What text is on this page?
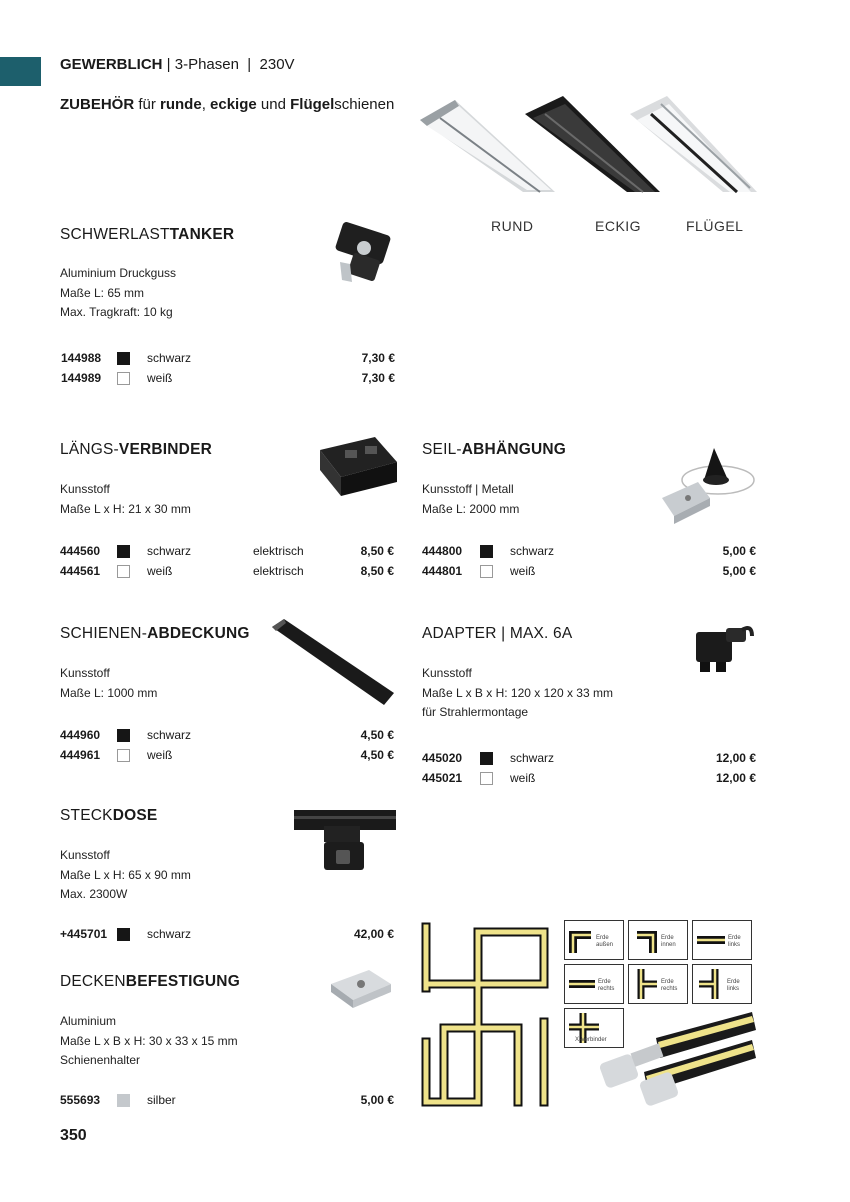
GEWERBLICH | 3-Phasen  |  230V
ZUBEHÖR für runde, eckige und Flügelschienen
RUND	ECKIG	FLÜGEL
SCHWERLASTTANKER
Aluminium Druckguss
Maße L: 65 mm
Max. Tragkraft: 10 kg
144988	schwarz	7,30 €
144989	weiß	7,30 €
LÄNGS-VERBINDER
Kunsstoff
Maße L x H: 21 x 30 mm
444560	schwarz	elektrisch	8,50 €
444561	weiß	elektrisch	8,50 €
SEIL-ABHÄNGUNG
Kunsstoff | Metall
Maße L: 2000 mm
444800	schwarz	5,00 €
444801	weiß	5,00 €
SCHIENEN-ABDECKUNG
Kunsstoff
Maße L: 1000 mm
444960	schwarz	4,50 €
444961	weiß	4,50 €
ADAPTER | MAX. 6A
Kunsstoff
Maße L x B x H: 120 x 120 x 33 mm
für Strahlermontage
445020	schwarz	12,00 €
445021	weiß	12,00 €
STECKDOSE
Kunsstoff
Maße L x H: 65 x 90 mm
Max. 2300W
+445701	schwarz	42,00 €
DECKENBEFESTIGUNG
Aluminium
Maße L x B x H: 30 x 33 x 15 mm
Schienenhalter
555693	silber	5,00 €
Erde außen
Erde innen
Erde links
Erde rechts
Erde rechts
Erde links
X-Verbinder
350
